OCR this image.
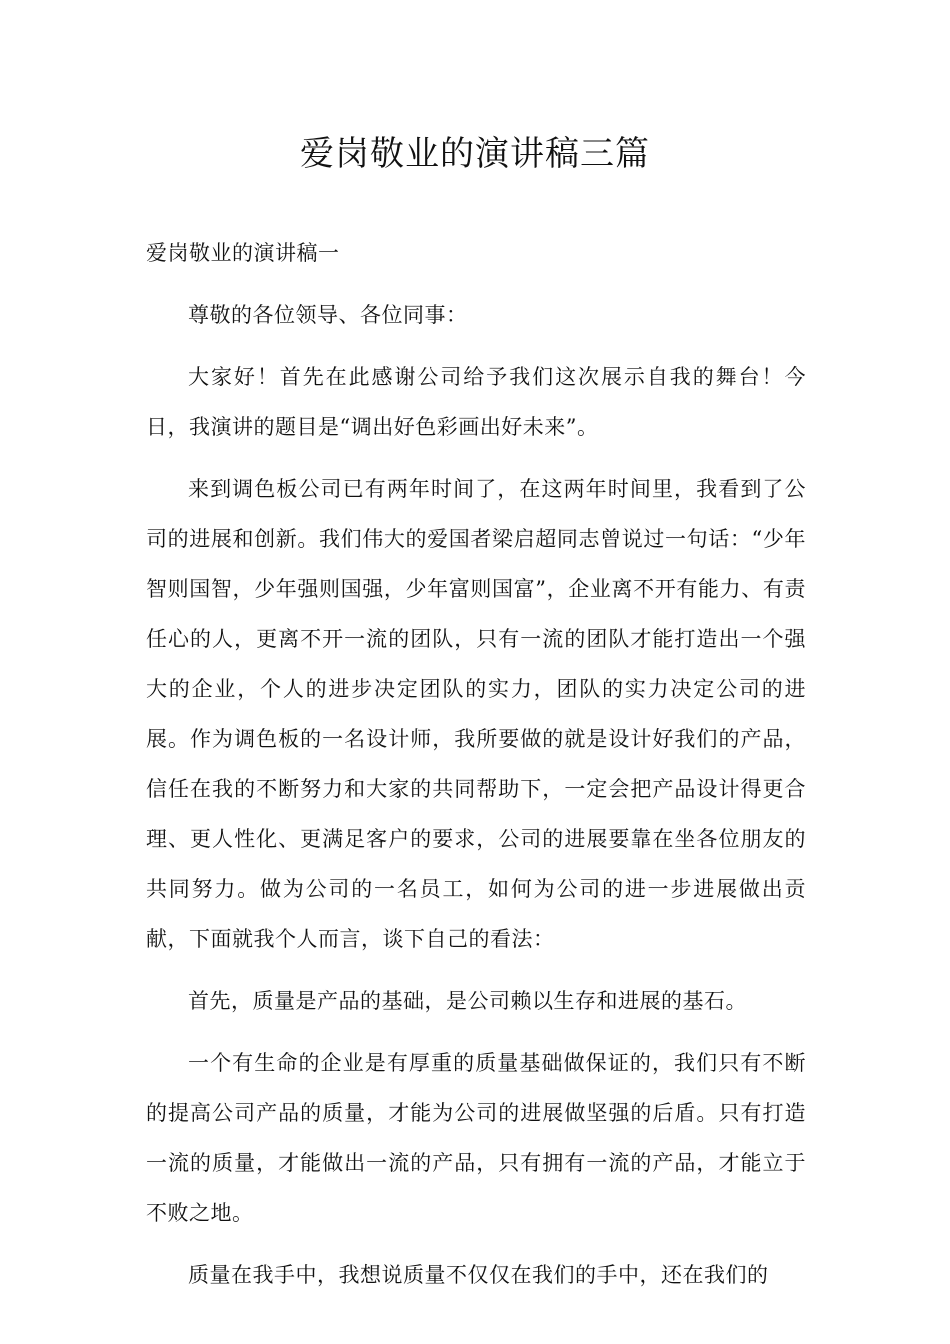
爱岗敬业的演讲稿三篇

爱岗敬业的演讲稿一

尊敬的各位领导、各位同事：

大家好！首先在此感谢公司给予我们这次展示自我的舞台！今日，我演讲的题目是“调出好色彩画出好未来”。

来到调色板公司已有两年时间了，在这两年时间里，我看到了公司的进展和创新。我们伟大的爱国者梁启超同志曾说过一句话：“少年智则国智，少年强则国强，少年富则国富”，企业离不开有能力、有责任心的人，更离不开一流的团队，只有一流的团队才能打造出一个强大的企业，个人的进步决定团队的实力，团队的实力决定公司的进展。作为调色板的一名设计师，我所要做的就是设计好我们的产品，信任在我的不断努力和大家的共同帮助下，一定会把产品设计得更合理、更人性化、更满足客户的要求，公司的进展要靠在坐各位朋友的共同努力。做为公司的一名员工，如何为公司的进一步进展做出贡献，下面就我个人而言，谈下自己的看法：

首先，质量是产品的基础，是公司赖以生存和进展的基石。

一个有生命的企业是有厚重的质量基础做保证的，我们只有不断的提高公司产品的质量，才能为公司的进展做坚强的后盾。只有打造一流的质量，才能做出一流的产品，只有拥有一流的产品，才能立于不败之地。

质量在我手中，我想说质量不仅仅在我们的手中，还在我们的
